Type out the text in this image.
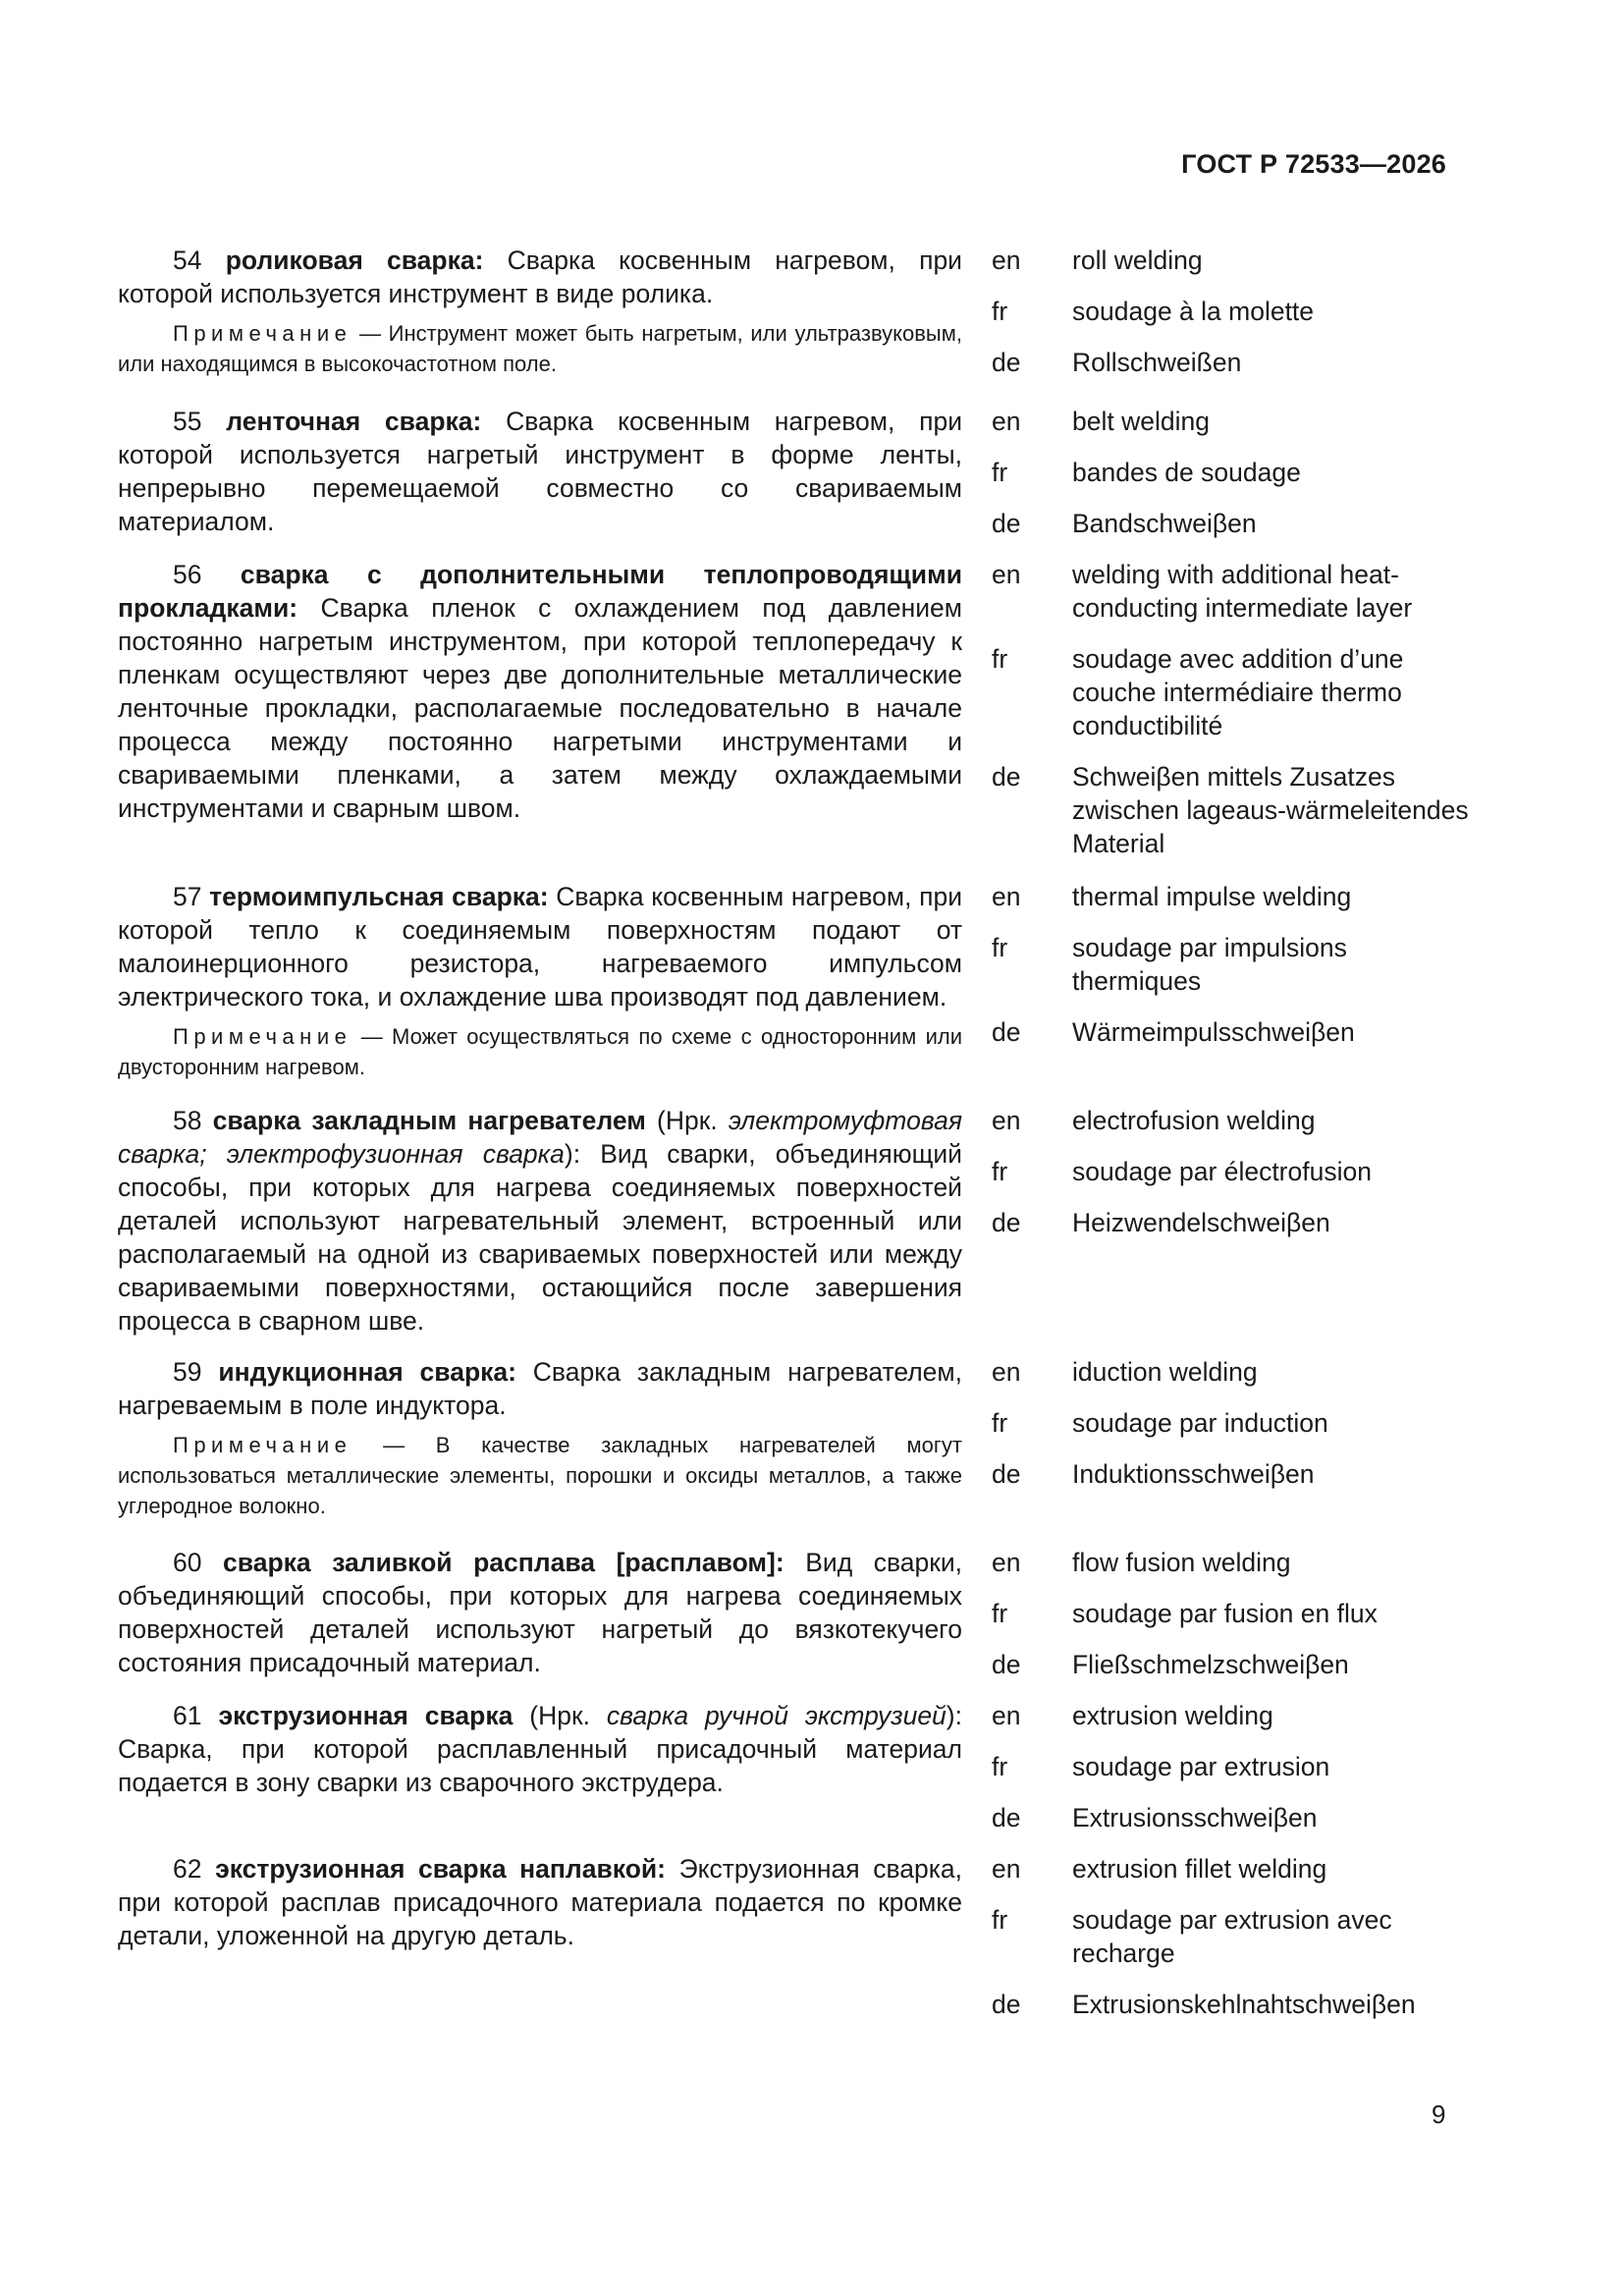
ГОСТ Р 72533—2026

54 роликовая сварка: Сварка косвенным нагревом, при которой используется инструмент в виде ролика.

Примечание — Инструмент может быть нагретым, или ультразвуковым, или находящимся в высокочастотном поле.

en	roll welding
fr	soudage à la molette
de	Rollschweißen

55 ленточная сварка: Сварка косвенным нагревом, при которой используется нагретый инструмент в форме ленты, непрерывно перемещаемой совместно со свариваемым материалом.

en	belt welding
fr	bandes de soudage
de	Bandschweiβen

56 сварка с дополнительными теплопроводящими прокладками: Сварка пленок с охлаждением под давлением постоянно нагретым инструментом, при которой теплопередачу к пленкам осуществляют через две дополнительные металлические ленточные прокладки, располагаемые последовательно в начале процесса между постоянно нагретыми инструментами и свариваемыми пленками, а затем между охлаждаемыми инструментами и сварным швом.

en	welding with additional heat-conducting intermediate layer
fr	soudage avec addition d’une couche intermédiaire thermo conductibilité
de	Schweiβen mittels Zusatzes zwischen lageaus-wärmeleitendes Material

57 термоимпульсная сварка: Сварка косвенным нагревом, при которой тепло к соединяемым поверхностям подают от малоинерционного резистора, нагреваемого импульсом электрического тока, и охлаждение шва производят под давлением.

Примечание — Может осуществляться по схеме с односторонним или двусторонним нагревом.

en	thermal impulse welding
fr	soudage par impulsions thermiques
de	Wärmeimpulsschweiβen

58 сварка закладным нагревателем (Нрк. электромуфтовая сварка; электрофузионная сварка): Вид сварки, объединяющий способы, при которых для нагрева соединяемых поверхностей деталей используют нагревательный элемент, встроенный или располагаемый на одной из свариваемых поверхностей или между свариваемыми поверхностями, остающийся после завершения процесса в сварном шве.

en	electrofusion welding
fr	soudage par électrofusion
de	Heizwendelschweiβen

59 индукционная сварка: Сварка закладным нагревателем, нагреваемым в поле индуктора.

Примечание — В качестве закладных нагревателей могут использоваться металлические элементы, порошки и оксиды металлов, а также углеродное волокно.

en	iduction welding
fr	soudage par induction
de	Induktionsschweiβen

60 сварка заливкой расплава [расплавом]: Вид сварки, объединяющий способы, при которых для нагрева соединяемых поверхностей деталей используют нагретый до вязкотекучего состояния присадочный материал.

en	flow fusion welding
fr	soudage par fusion en flux
de	Fließschmelzschweiβen

61 экструзионная сварка (Нрк. сварка ручной экструзией): Сварка, при которой расплавленный присадочный материал подается в зону сварки из сварочного экструдера.

en	extrusion welding
fr	soudage par extrusion
de	Extrusionsschweiβen

62 экструзионная сварка наплавкой: Экструзионная сварка, при которой расплав присадочного материала подается по кромке детали, уложенной на другую деталь.

en	extrusion fillet welding
fr	soudage par extrusion avec recharge
de	Extrusionskehlnahtschweiβen
9
